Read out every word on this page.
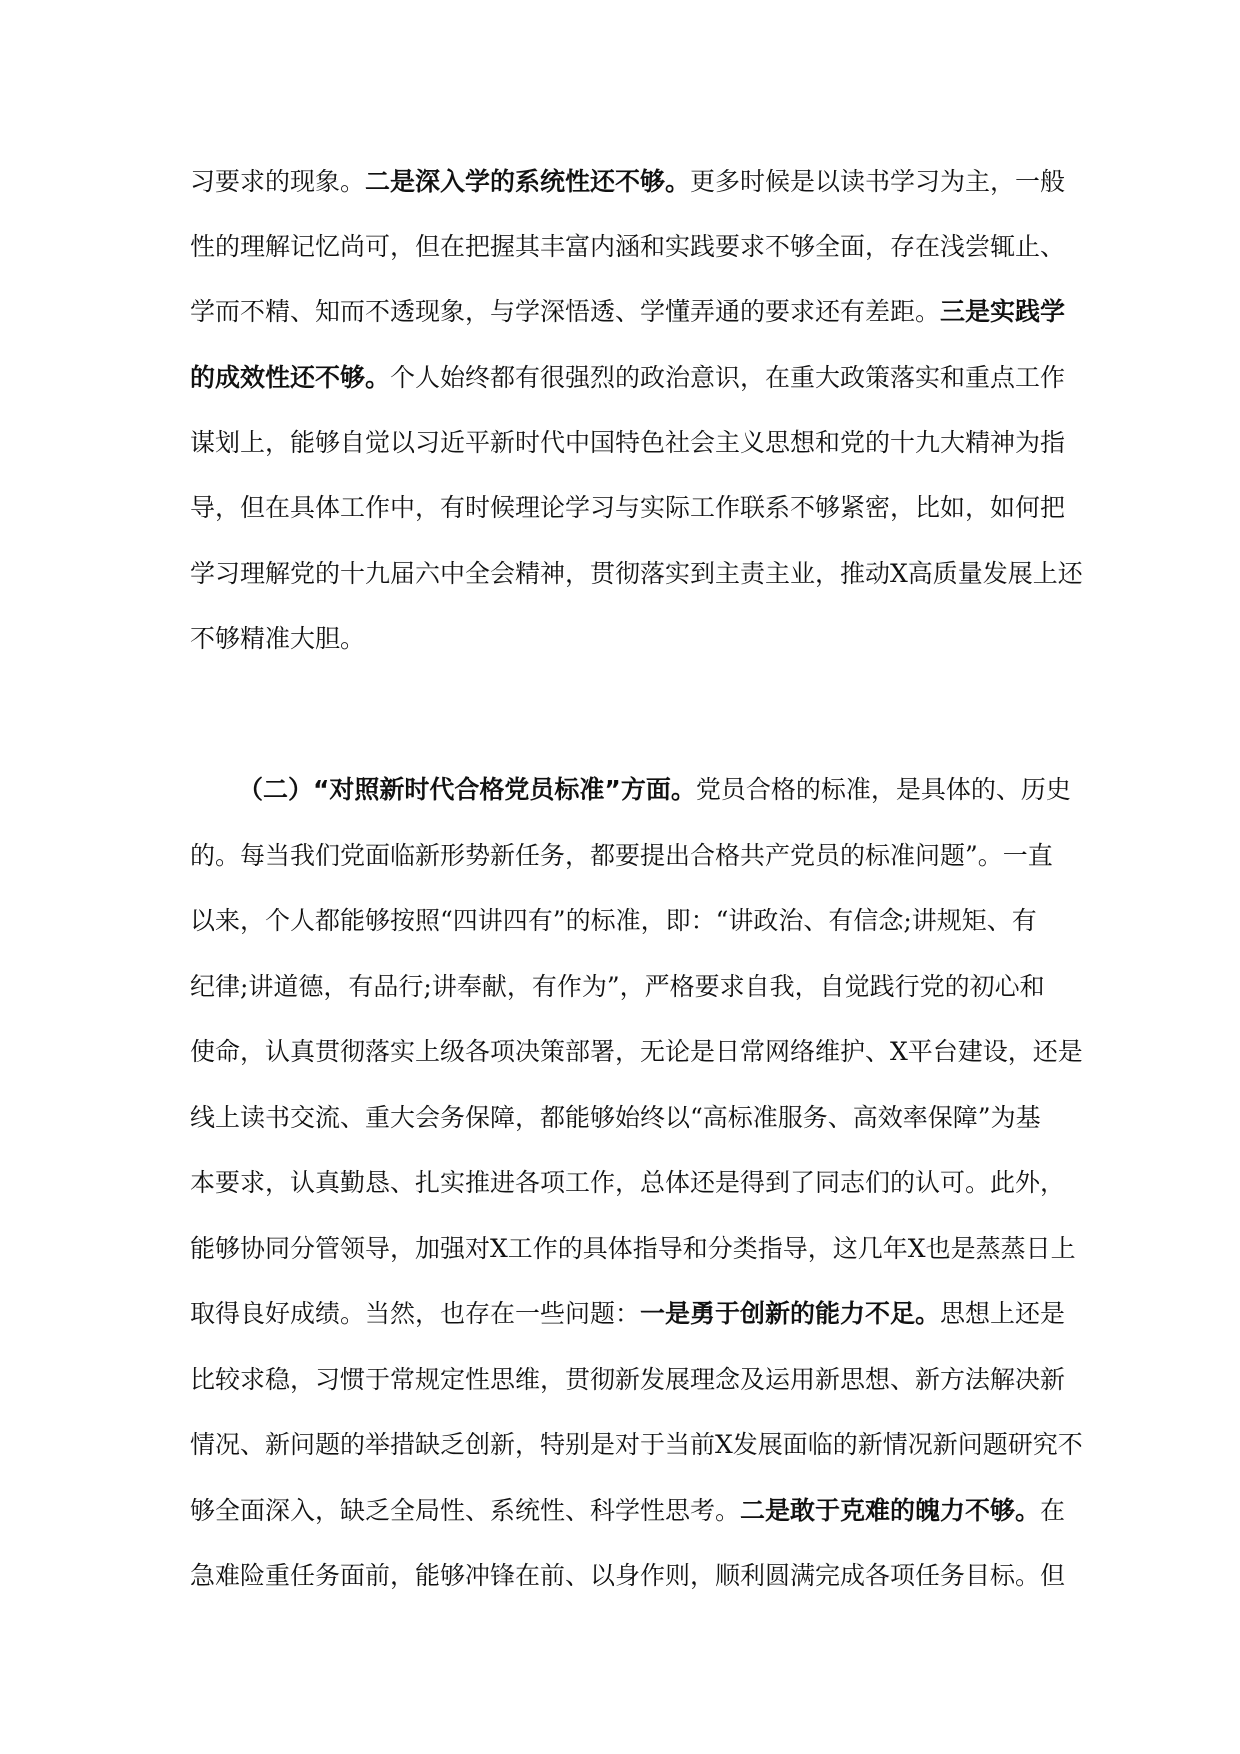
习要求的现象。二是深入学的系统性还不够。更多时候是以读书学习为主，一般
性的理解记忆尚可，但在把握其丰富内涵和实践要求不够全面，存在浅尝辄止、
学而不精、知而不透现象，与学深悟透、学懂弄通的要求还有差距。三是实践学
的成效性还不够。个人始终都有很强烈的政治意识，在重大政策落实和重点工作
谋划上，能够自觉以习近平新时代中国特色社会主义思想和党的十九大精神为指
导，但在具体工作中，有时候理论学习与实际工作联系不够紧密，比如，如何把
学习理解党的十九届六中全会精神，贯彻落实到主责主业，推动X高质量发展上还
不够精准大胆。
（二）“对照新时代合格党员标准”方面。党员合格的标准，是具体的、历史
的。每当我们党面临新形势新任务，都要提出合格共产党员的标准问题”。一直
以来，个人都能够按照“四讲四有”的标准，即：“讲政治、有信念;讲规矩、有
纪律;讲道德，有品行;讲奉献，有作为”，严格要求自我，自觉践行党的初心和
使命，认真贯彻落实上级各项决策部署，无论是日常网络维护、X平台建设，还是
线上读书交流、重大会务保障，都能够始终以“高标准服务、高效率保障”为基
本要求，认真勤恳、扎实推进各项工作，总体还是得到了同志们的认可。此外，
能够协同分管领导，加强对X工作的具体指导和分类指导，这几年X也是蒸蒸日上
取得良好成绩。当然，也存在一些问题：一是勇于创新的能力不足。思想上还是
比较求稳，习惯于常规定性思维，贯彻新发展理念及运用新思想、新方法解决新
情况、新问题的举措缺乏创新，特别是对于当前X发展面临的新情况新问题研究不
够全面深入，缺乏全局性、系统性、科学性思考。二是敢于克难的魄力不够。在
急难险重任务面前，能够冲锋在前、以身作则，顺利圆满完成各项任务目标。但
